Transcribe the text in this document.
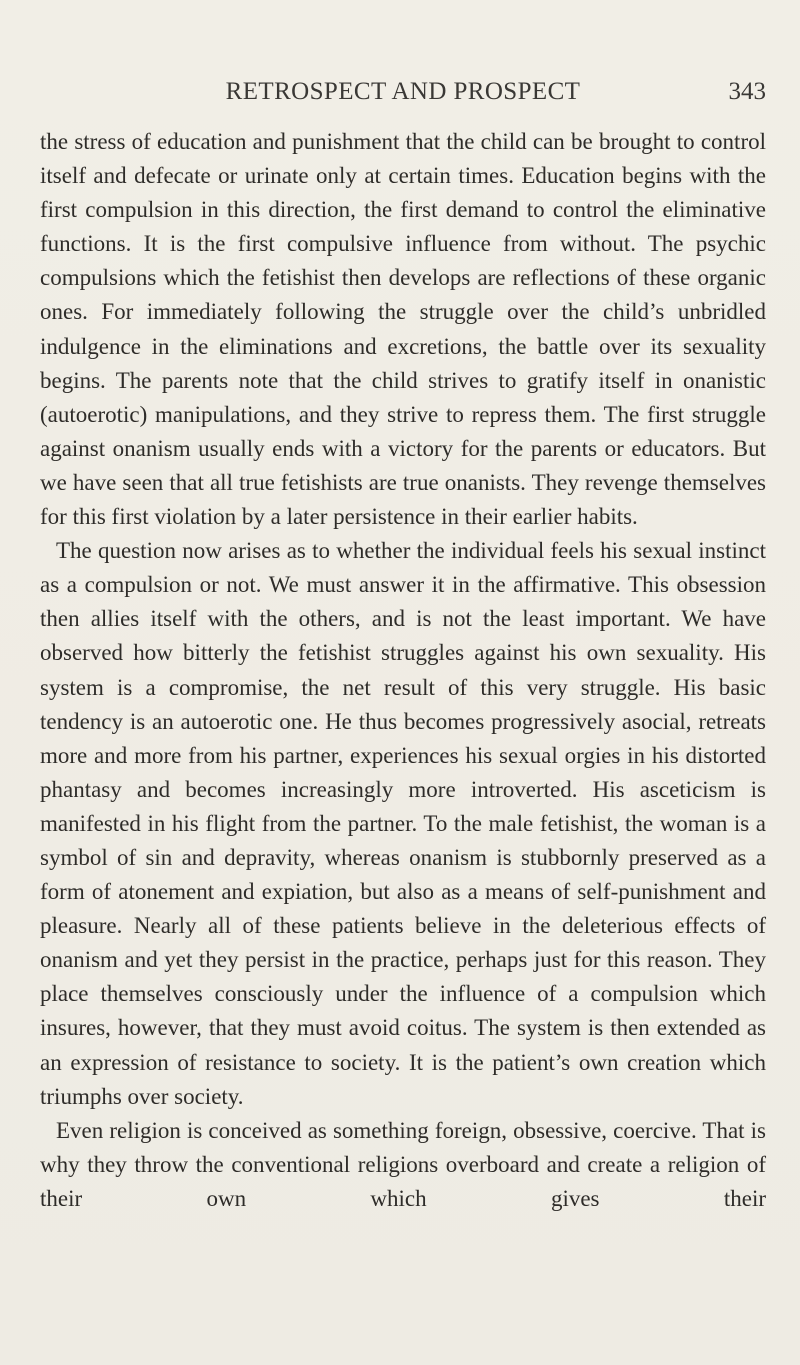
RETROSPECT AND PROSPECT	343

the stress of education and punishment that the child can be brought to control itself and defecate or urinate only at certain times. Education begins with the first compulsion in this direction, the first demand to control the eliminative functions. It is the first compulsive influence from without. The psychic compulsions which the fetishist then develops are reflections of these organic ones. For immediately following the struggle over the child’s unbridled indulgence in the eliminations and excretions, the battle over its sexuality begins. The parents note that the child strives to gratify itself in onanistic (autoerotic) manipulations, and they strive to repress them. The first struggle against onanism usually ends with a victory for the parents or educators. But we have seen that all true fetishists are true onanists. They revenge themselves for this first violation by a later persistence in their earlier habits.

The question now arises as to whether the individual feels his sexual instinct as a compulsion or not. We must answer it in the affirmative. This obsession then allies itself with the others, and is not the least important. We have observed how bitterly the fetishist struggles against his own sexuality. His system is a compromise, the net result of this very struggle. His basic tendency is an autoerotic one. He thus becomes progressively asocial, retreats more and more from his partner, experiences his sexual orgies in his distorted phantasy and becomes increasingly more introverted. His asceticism is manifested in his flight from the partner. To the male fetishist, the woman is a symbol of sin and depravity, whereas onanism is stubbornly preserved as a form of atonement and expiation, but also as a means of self-punishment and pleasure. Nearly all of these patients believe in the deleterious effects of onanism and yet they persist in the practice, perhaps just for this reason. They place themselves consciously under the influence of a compulsion which insures, however, that they must avoid coitus. The system is then extended as an expression of resistance to society. It is the patient’s own creation which triumphs over society.

Even religion is conceived as something foreign, obsessive, coercive. That is why they throw the conventional religions overboard and create a religion of their own which gives their
